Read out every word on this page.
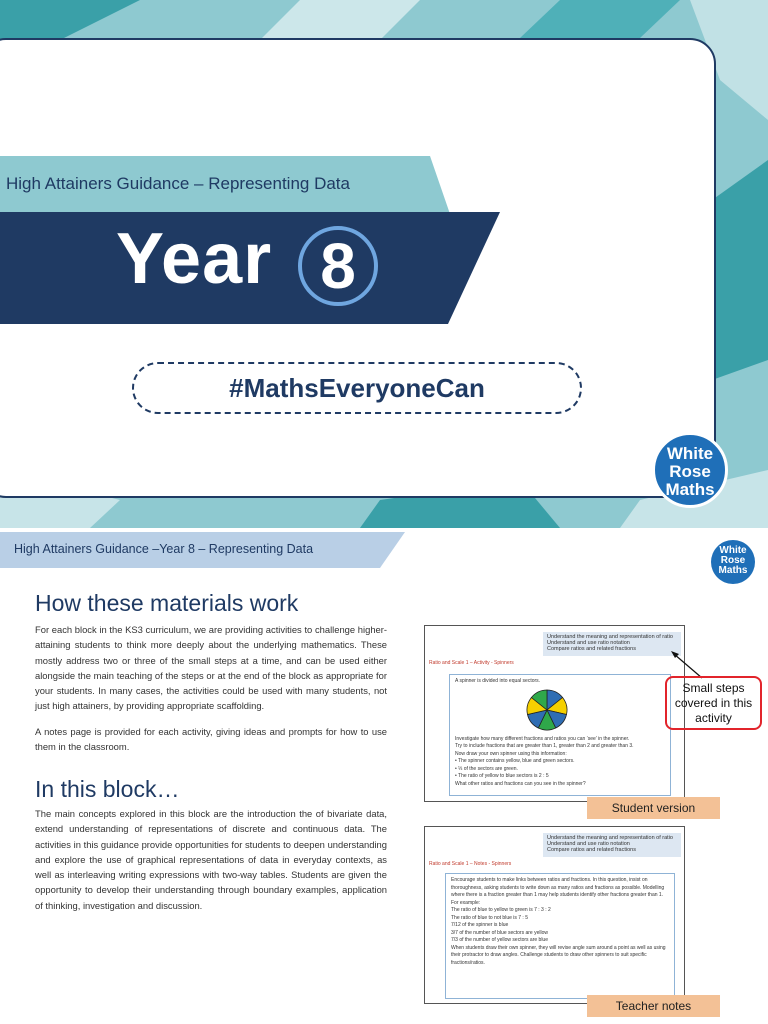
High Attainers Guidance – Representing Data
Year 8
#MathsEveryoneCan
White
Rose
Maths
High Attainers Guidance –Year 8 – Representing Data	White
Rose
Maths
How these materials work
For each block in the KS3 curriculum, we are providing activities to challenge higher-attaining students to think more deeply about the underlying mathematics. These mostly address two or three of the small steps at a time, and can be used either alongside the main teaching of the steps or at the end of the block as appropriate for your students. In many cases, the activities could be used with many students, not just high attainers, by providing appropriate scaffolding.
A notes page is provided for each activity, giving ideas and prompts for how to use them in the classroom.
In this block…
The main concepts explored in this block are the introduction the of bivariate data, extend understanding of representations of discrete and continuous data. The activities in this guidance provide opportunities for students to deepen understanding and explore the use of graphical representations of data in everyday contexts, as well as interleaving writing expressions with two-way tables. Students are given the opportunity to develop their understanding through boundary examples, application of thinking, investigation and discussion.
Understand the meaning and representation of ratio
Understand and use ratio notation
Compare ratios and related fractions
Ratio and Scale 1 – Activity - Spinners
A spinner is divided into equal sectors.
Investigate how many different fractions and ratios you can ‘see’ in the spinner.
Try to include fractions that are greater than 1, greater than 2 and greater than 3.
Now draw your own spinner using this information:
• The spinner contains yellow, blue and green sectors.
• ⅓ of the sectors are green.
• The ratio of yellow to blue sectors is 2 : 5
What other ratios and fractions can you see in the spinner?
Student version
Small steps covered in this activity
Understand the meaning and representation of ratio
Understand and use ratio notation
Compare ratios and related fractions
Ratio and Scale 1 – Notes - Spinners
Encourage students to make links between ratios and fractions. In this question, insist on thoroughness, asking students to write down as many ratios and fractions as possible. Modelling where there is a fraction greater than 1 may help students identify other fractions greater than 1. For example:
The ratio of blue to yellow to green is 7 : 3 : 2
The ratio of blue to not blue is 7 : 5
7/12 of the spinner is blue
3/7 of the number of blue sectors are yellow
7/3 of the number of yellow sectors are blue
When students draw their own spinner, they will revise angle sum around a point as well as using their protractor to draw angles. Challenge students to draw other spinners to suit specific fractions/ratios.
Teacher notes
